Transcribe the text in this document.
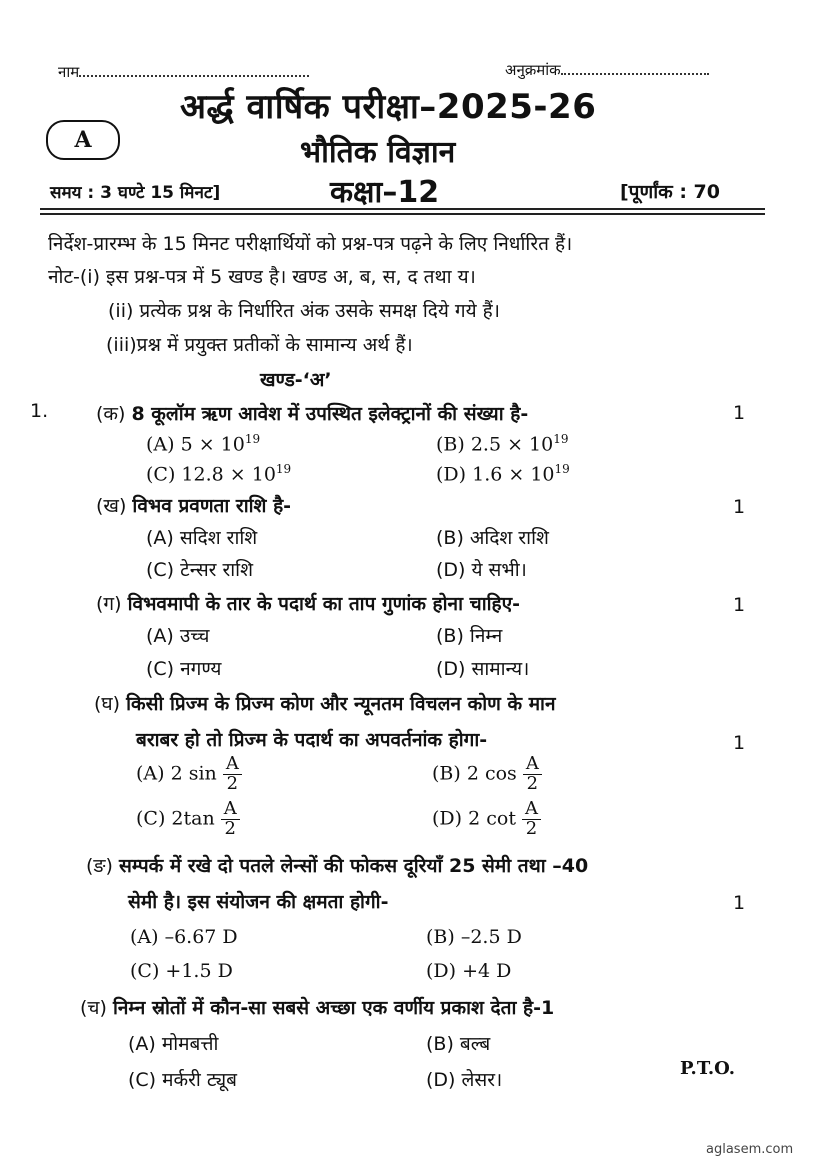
नाम	अनुक्रमांक
अर्द्ध वार्षिक परीक्षा–2025-26
A	भौतिक विज्ञान
समय : 3 घण्टे 15 मिनट]	कक्षा–12	[पूर्णांक : 70
निर्देश-प्रारम्भ के 15 मिनट परीक्षार्थियों को प्रश्न-पत्र पढ़ने के लिए निर्धारित हैं।
नोट-(i) इस प्रश्न-पत्र में 5 खण्ड है। खण्ड अ, ब, स, द तथा य।
(ii) प्रत्येक प्रश्न के निर्धारित अंक उसके समक्ष दिये गये हैं।
(iii)प्रश्न में प्रयुक्त प्रतीकों के सामान्य अर्थ हैं।
खण्ड-‘अ’
1.	(क) 8 कूलॉम ऋण आवेश में उपस्थित इलेक्ट्रानों की संख्या है-	1
(A) $5 \times 10^{19}$	(B) $2.5 \times 10^{19}$
(C) $12.8 \times 10^{19}$	(D) $1.6 \times 10^{19}$
(ख) विभव प्रवणता राशि है-	1
(A) सदिश राशि	(B) अदिश राशि
(C) टेन्सर राशि	(D) ये सभी।
(ग) विभवमापी के तार के पदार्थ का ताप गुणांक होना चाहिए-	1
(A) उच्च	(B) निम्न
(C) नगण्य	(D) सामान्य।
(घ) किसी प्रिज्म के प्रिज्म कोण और न्यूनतम विचलन कोण के मान
बराबर हो तो प्रिज्म के पदार्थ का अपवर्तनांक होगा-	1
(A) 2 $\sin \frac{A}{2}$	(B) 2 $\cos \frac{A}{2}$
(C) $2\tan \frac{A}{2}$	(D) 2 $\cot \frac{A}{2}$
(ङ) सम्पर्क में रखे दो पतले लेन्सों की फोकस दूरियाँ 25 सेमी तथा –40
सेमी है। इस संयोजन की क्षमता होगी-	1
(A) –6.67 D	(B) –2.5 D
(C) +1.5 D	(D) +4 D
(च) निम्न स्रोतों में कौन-सा सबसे अच्छा एक वर्णीय प्रकाश देता है-1
(A) मोमबत्ती	(B) बल्ब
(C) मर्करी ट्यूब	(D) लेसर।
P.T.O.
aglasem.com
